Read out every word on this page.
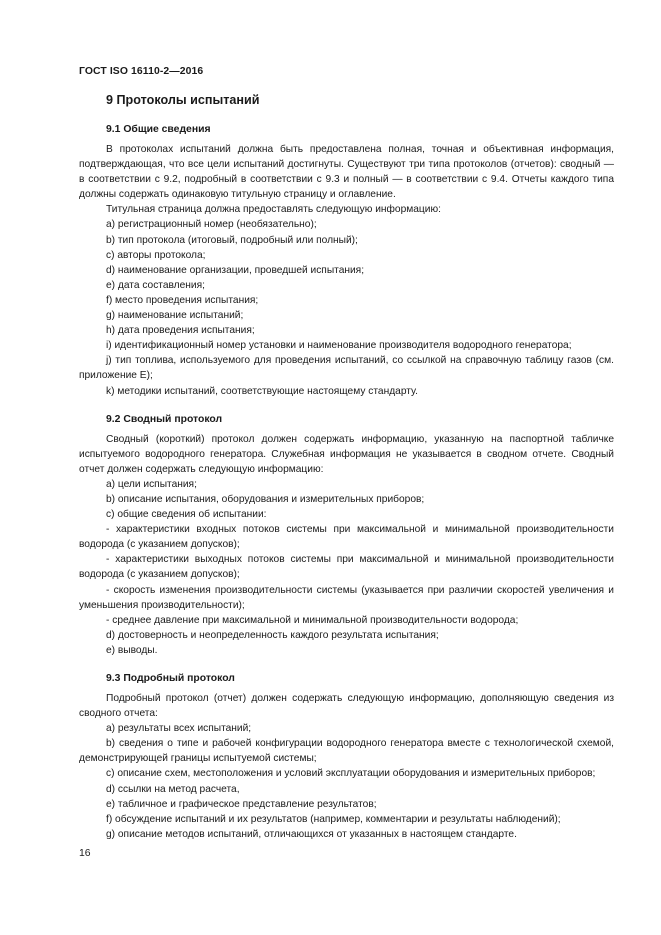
ГОСТ ISO 16110-2—2016
9 Протоколы испытаний
9.1 Общие сведения

В протоколах испытаний должна быть предоставлена полная, точная и объективная информация, подтверждающая, что все цели испытаний достигнуты. Существуют три типа протоколов (отчетов): сводный — в соответствии с 9.2, подробный в соответствии с 9.3 и полный — в соответствии с 9.4. Отчеты каждого типа должны содержать одинаковую титульную страницу и оглавление.

Титульная страница должна предоставлять следующую информацию:

a) регистрационный номер (необязательно);

b) тип протокола (итоговый, подробный или полный);

c) авторы протокола;

d) наименование организации, проведшей испытания;

e) дата составления;

f) место проведения испытания;

g) наименование испытаний;

h) дата проведения испытания;

i) идентификационный номер установки и наименование производителя водородного генератора;

j) тип топлива, используемого для проведения испытаний, со ссылкой на справочную таблицу газов (см. приложение E);

k) методики испытаний, соответствующие настоящему стандарту.

9.2 Сводный протокол

Сводный (короткий) протокол должен содержать информацию, указанную на паспортной табличке испытуемого водородного генератора. Служебная информация не указывается в сводном отчете. Сводный отчет должен содержать следующую информацию:

a) цели испытания;

b) описание испытания, оборудования и измерительных приборов;

c) общие сведения об испытании:

- характеристики входных потоков системы при максимальной и минимальной производительности водорода (с указанием допусков);

- характеристики выходных потоков системы при максимальной и минимальной производительности водорода (с указанием допусков);

- скорость изменения производительности системы (указывается при различии скоростей увеличения и уменьшения производительности);

- среднее давление при максимальной и минимальной производительности водорода;

d) достоверность и неопределенность каждого результата испытания;

e) выводы.

9.3 Подробный протокол

Подробный протокол (отчет) должен содержать следующую информацию, дополняющую сведения из сводного отчета:

a) результаты всех испытаний;

b) сведения о типе и рабочей конфигурации водородного генератора вместе с технологической схемой, демонстрирующей границы испытуемой системы;

c) описание схем, местоположения и условий эксплуатации оборудования и измерительных приборов;

d) ссылки на метод расчета,

e) табличное и графическое представление результатов;

f) обсуждение испытаний и их результатов (например, комментарии и результаты наблюдений);

g) описание методов испытаний, отличающихся от указанных в настоящем стандарте.

16
